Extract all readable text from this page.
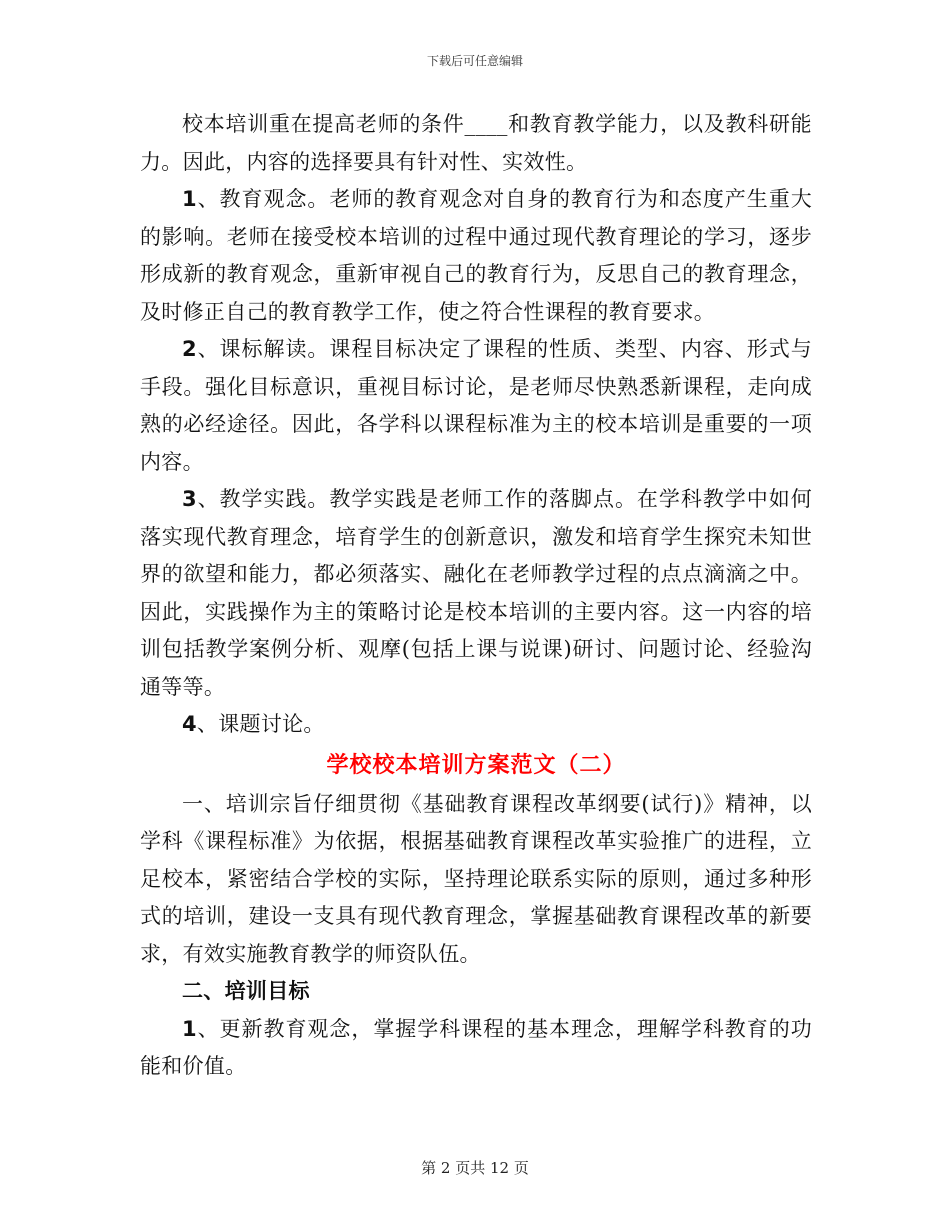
下载后可任意编辑

校本培训重在提高老师的条件____和教育教学能力，以及教科研能力。因此，内容的选择要具有针对性、实效性。

1、教育观念。老师的教育观念对自身的教育行为和态度产生重大的影响。老师在接受校本培训的过程中通过现代教育理论的学习，逐步形成新的教育观念，重新审视自己的教育行为，反思自己的教育理念，及时修正自己的教育教学工作，使之符合性课程的教育要求。

2、课标解读。课程目标决定了课程的性质、类型、内容、形式与手段。强化目标意识，重视目标讨论，是老师尽快熟悉新课程，走向成熟的必经途径。因此，各学科以课程标准为主的校本培训是重要的一项内容。

3、教学实践。教学实践是老师工作的落脚点。在学科教学中如何落实现代教育理念，培育学生的创新意识，激发和培育学生探究未知世界的欲望和能力，都必须落实、融化在老师教学过程的点点滴滴之中。因此，实践操作为主的策略讨论是校本培训的主要内容。这一内容的培训包括教学案例分析、观摩(包括上课与说课)研讨、问题讨论、经验沟通等等。

4、课题讨论。

学校校本培训方案范文（二）

一、培训宗旨仔细贯彻《基础教育课程改革纲要(试行)》精神，以学科《课程标准》为依据，根据基础教育课程改革实验推广的进程，立足校本，紧密结合学校的实际，坚持理论联系实际的原则，通过多种形式的培训，建设一支具有现代教育理念，掌握基础教育课程改革的新要求，有效实施教育教学的师资队伍。

二、培训目标

1、更新教育观念，掌握学科课程的基本理念，理解学科教育的功能和价值。

第 2 页共 12 页
